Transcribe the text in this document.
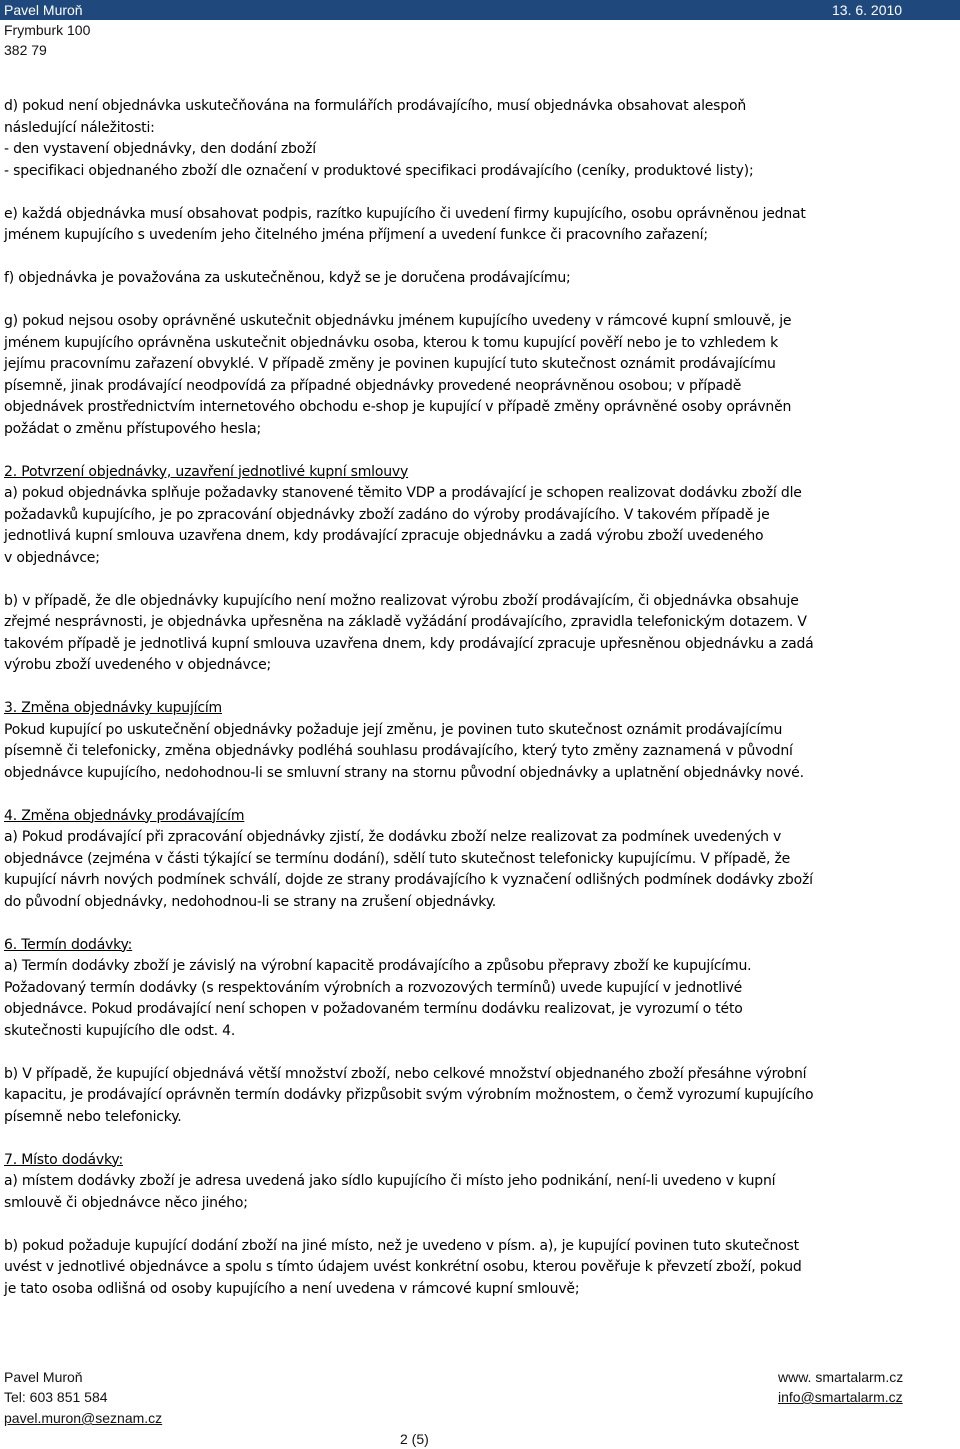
Pavel Muroň	13. 6. 2010
Frymburk 100
382 79

d) pokud není objednávka uskutečňována na formulářích prodávajícího, musí objednávka obsahovat alespoň
následující náležitosti:
- den vystavení objednávky, den dodání zboží
- specifikaci objednaného zboží dle označení v produktové specifikaci prodávajícího (ceníky, produktové listy);

e) každá objednávka musí obsahovat podpis, razítko kupujícího či uvedení firmy kupujícího, osobu oprávněnou jednat
jménem kupujícího s uvedením jeho čitelného jména příjmení a uvedení funkce či pracovního zařazení;

f) objednávka je považována za uskutečněnou, když se je doručena prodávajícímu;

g) pokud nejsou osoby oprávněné uskutečnit objednávku jménem kupujícího uvedeny v rámcové kupní smlouvě, je
jménem kupujícího oprávněna uskutečnit objednávku osoba, kterou k tomu kupující pověří nebo je to vzhledem k
jejímu pracovnímu zařazení obvyklé. V případě změny je povinen kupující tuto skutečnost oznámit prodávajícímu
písemně, jinak prodávající neodpovídá za případné objednávky provedené neoprávněnou osobou; v případě
objednávek prostřednictvím internetového obchodu e-shop je kupující v případě změny oprávněné osoby oprávněn
požádat o změnu přístupového hesla;

2. Potvrzení objednávky, uzavření jednotlivé kupní smlouvy
a) pokud objednávka splňuje požadavky stanovené těmito VDP a prodávající je schopen realizovat dodávku zboží dle
požadavků kupujícího, je po zpracování objednávky zboží zadáno do výroby prodávajícího. V takovém případě je
jednotlivá kupní smlouva uzavřena dnem, kdy prodávající zpracuje objednávku a zadá výrobu zboží uvedeného
v objednávce;

b) v případě, že dle objednávky kupujícího není možno realizovat výrobu zboží prodávajícím, či objednávka obsahuje
zřejmé nesprávnosti, je objednávka upřesněna na základě vyžádání prodávajícího, zpravidla telefonickým dotazem. V
takovém případě je jednotlivá kupní smlouva uzavřena dnem, kdy prodávající zpracuje upřesněnou objednávku a zadá
výrobu zboží uvedeného v objednávce;

3. Změna objednávky kupujícím
Pokud kupující po uskutečnění objednávky požaduje její změnu, je povinen tuto skutečnost oznámit prodávajícímu
písemně či telefonicky, změna objednávky podléhá souhlasu prodávajícího, který tyto změny zaznamená v původní
objednávce kupujícího, nedohodnou-li se smluvní strany na stornu původní objednávky a uplatnění objednávky nové.

4. Změna objednávky prodávajícím
a) Pokud prodávající při zpracování objednávky zjistí, že dodávku zboží nelze realizovat za podmínek uvedených v
objednávce (zejména v části týkající se termínu dodání), sdělí tuto skutečnost telefonicky kupujícímu. V případě, že
kupující návrh nových podmínek schválí, dojde ze strany prodávajícího k vyznačení odlišných podmínek dodávky zboží
do původní objednávky, nedohodnou-li se strany na zrušení objednávky.

6. Termín dodávky:
a) Termín dodávky zboží je závislý na výrobní kapacitě prodávajícího a způsobu přepravy zboží ke kupujícímu.
Požadovaný termín dodávky (s respektováním výrobních a rozvozových termínů) uvede kupující v jednotlivé
objednávce. Pokud prodávající není schopen v požadovaném termínu dodávku realizovat, je vyrozumí o této
skutečnosti kupujícího dle odst. 4.

b) V případě, že kupující objednává větší množství zboží, nebo celkové množství objednaného zboží přesáhne výrobní
kapacitu, je prodávající oprávněn termín dodávky přizpůsobit svým výrobním možnostem, o čemž vyrozumí kupujícího
písemně nebo telefonicky.

7. Místo dodávky:
a) místem dodávky zboží je adresa uvedená jako sídlo kupujícího či místo jeho podnikání, není-li uvedeno v kupní
smlouvě či objednávce něco jiného;

b) pokud požaduje kupující dodání zboží na jiné místo, než je uvedeno v písm. a), je kupující povinen tuto skutečnost
uvést v jednotlivé objednávce a spolu s tímto údajem uvést konkrétní osobu, kterou pověřuje k převzetí zboží, pokud
je tato osoba odlišná od osoby kupujícího a není uvedena v rámcové kupní smlouvě;

Pavel Muroň
Tel: 603 851 584
pavel.muron@seznam.cz
www. smartalarm.cz
info@smartalarm.cz
2 (5)
